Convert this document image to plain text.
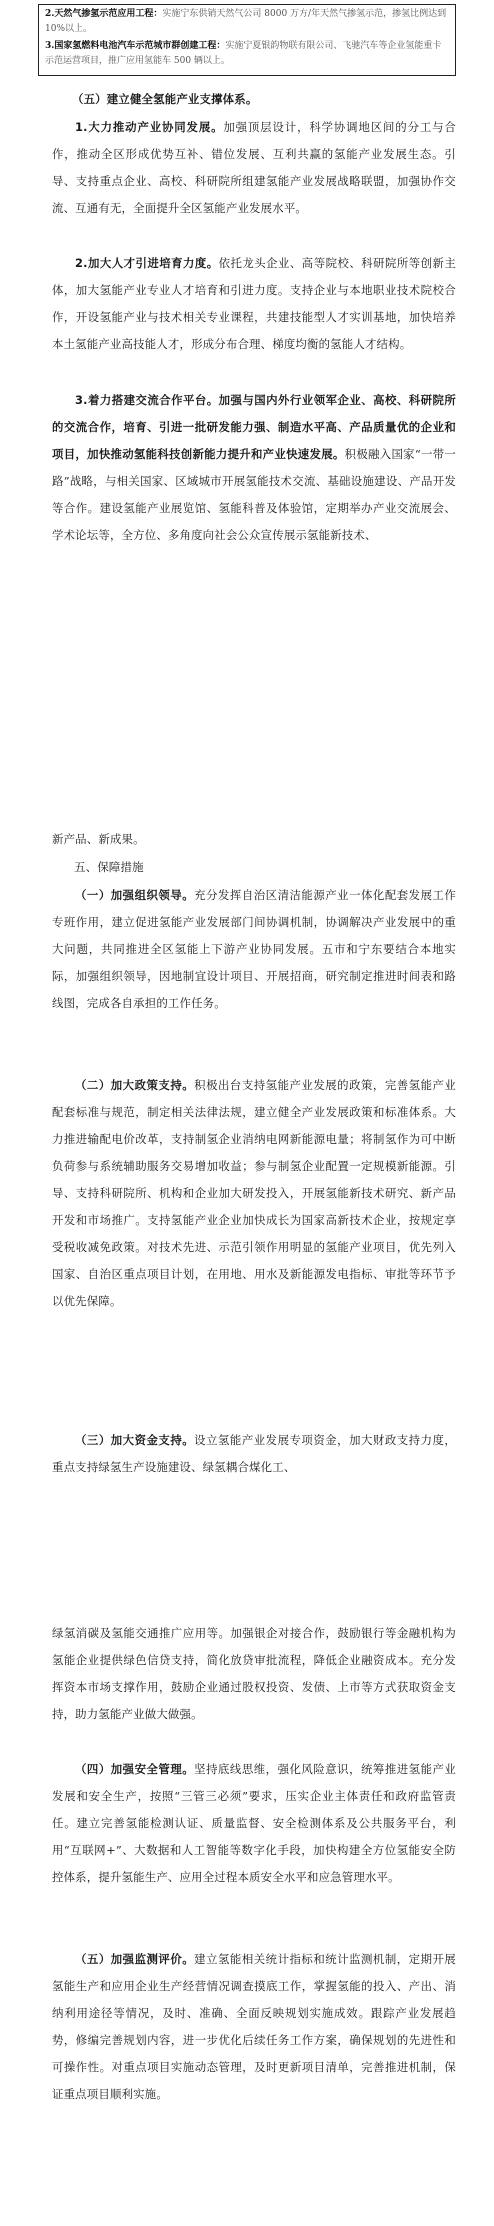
2.天然气掺氢示范应用工程：实施宁东供销天然气公司 8000 万方/年天然气掺氢示范，掺氢比例达到 10%以上。
3.国家氢燃料电池汽车示范城市群创建工程：实施宁夏银韵物联有限公司、飞驰汽车等企业氢能重卡示范运营项目，推广应用氢能车 500 辆以上。
（五）建立健全氢能产业支撑体系。

1.大力推动产业协同发展。加强顶层设计，科学协调地区间的分工与合作，推动全区形成优势互补、错位发展、互利共赢的氢能产业发展生态。引导、支持重点企业、高校、科研院所组建氢能产业发展战略联盟，加强协作交流、互通有无，全面提升全区氢能产业发展水平。

2.加大人才引进培育力度。依托龙头企业、高等院校、科研院所等创新主体，加大氢能产业专业人才培育和引进力度。支持企业与本地职业技术院校合作，开设氢能产业与技术相关专业课程，共建技能型人才实训基地，加快培养本土氢能产业高技能人才，形成分布合理、梯度均衡的氢能人才结构。

3.着力搭建交流合作平台。加强与国内外行业领军企业、高校、科研院所的交流合作，培育、引进一批研发能力强、制造水平高、产品质量优的企业和项目，加快推动氢能科技创新能力提升和产业快速发展。积极融入国家“一带一路”战略，与相关国家、区域城市开展氢能技术交流、基础设施建设、产品开发等合作。建设氢能产业展览馆、氢能科普及体验馆，定期举办产业交流展会、学术论坛等，全方位、多角度向社会公众宣传展示氢能新技术、

新产品、新成果。

五、保障措施

（一）加强组织领导。充分发挥自治区清洁能源产业一体化配套发展工作专班作用，建立促进氢能产业发展部门间协调机制，协调解决产业发展中的重大问题，共同推进全区氢能上下游产业协同发展。五市和宁东要结合本地实际，加强组织领导，因地制宜设计项目、开展招商，研究制定推进时间表和路线图，完成各自承担的工作任务。

（二）加大政策支持。积极出台支持氢能产业发展的政策，完善氢能产业配套标准与规范，制定相关法律法规，建立健全产业发展政策和标准体系。大力推进输配电价改革，支持制氢企业消纳电网新能源电量；将制氢作为可中断负荷参与系统辅助服务交易增加收益；参与制氢企业配置一定规模新能源。引导、支持科研院所、机构和企业加大研发投入，开展氢能新技术研究、新产品开发和市场推广。支持氢能产业企业加快成长为国家高新技术企业，按规定享受税收减免政策。对技术先进、示范引领作用明显的氢能产业项目，优先列入国家、自治区重点项目计划，在用地、用水及新能源发电指标、审批等环节予以优先保障。

（三）加大资金支持。设立氢能产业发展专项资金，加大财政支持力度，重点支持绿氢生产设施建设、绿氢耦合煤化工、

绿氢消碳及氢能交通推广应用等。加强银企对接合作，鼓励银行等金融机构为氢能企业提供绿色信贷支持，简化放贷审批流程，降低企业融资成本。充分发挥资本市场支撑作用，鼓励企业通过股权投资、发债、上市等方式获取资金支持，助力氢能产业做大做强。

（四）加强安全管理。坚持底线思维，强化风险意识，统筹推进氢能产业发展和安全生产，按照“三管三必须”要求，压实企业主体责任和政府监管责任。建立完善氢能检测认证、质量监督、安全检测体系及公共服务平台，利用“互联网+”、大数据和人工智能等数字化手段，加快构建全方位氢能安全防控体系，提升氢能生产、应用全过程本质安全水平和应急管理水平。

（五）加强监测评价。建立氢能相关统计指标和统计监测机制，定期开展氢能生产和应用企业生产经营情况调查摸底工作，掌握氢能的投入、产出、消纳利用途径等情况，及时、准确、全面反映规划实施成效。跟踪产业发展趋势，修编完善规划内容，进一步优化后续任务工作方案，确保规划的先进性和可操作性。对重点项目实施动态管理，及时更新项目清单，完善推进机制，保证重点项目顺利实施。
